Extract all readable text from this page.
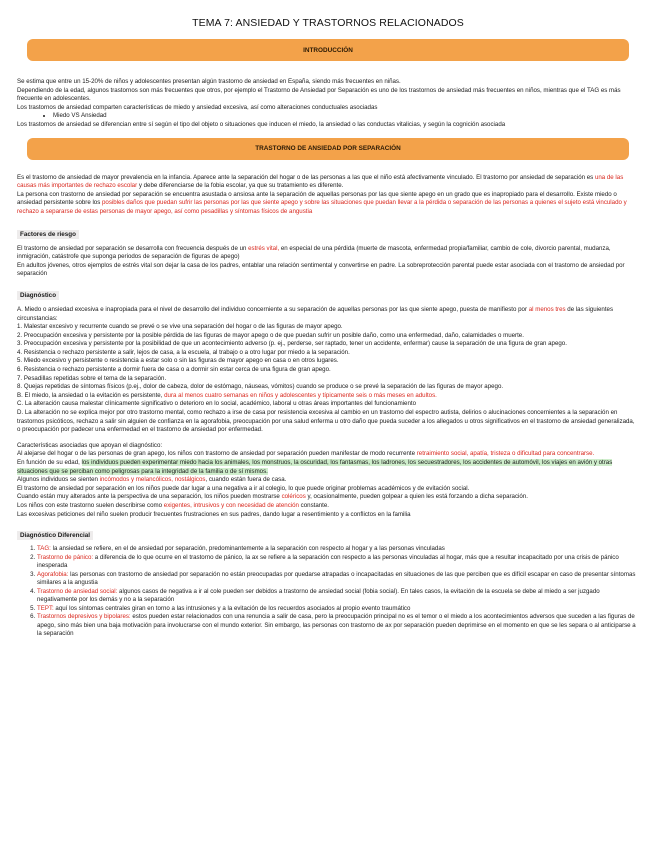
TEMA 7: ANSIEDAD Y TRASTORNOS RELACIONADOS
INTRODUCCIÓN

Se estima que entre un 15-20% de niños y adolescentes presentan algún trastorno de ansiedad en España, siendo más frecuentes en niñas.

Dependiendo de la edad, algunos trastornos son más frecuentes que otros, por ejemplo el Trastorno de Ansiedad por Separación es uno de los trastornos de ansiedad más frecuentes en niños, mientras que el TAG es más frecuente en adolescentes.

Los trastornos de ansiedad comparten características de miedo y ansiedad excesiva, así como alteraciones conductuales asociadas

• Miedo VS Ansiedad

Los trastornos de ansiedad se diferencian entre sí según el tipo del objeto o situaciones que inducen el miedo, la ansiedad o las conductas vitalicias, y según la cognición asociada

TRASTORNO DE ANSIEDAD POR SEPARACIÓN

Es el trastorno de ansiedad de mayor prevalencia en la infancia. Aparece ante la separación del hogar o de las personas a las que el niño está afectivamente vinculado. El trastorno por ansiedad de separación es una de las causas más importantes de rechazo escolar y debe diferenciarse de la fobia escolar, ya que su tratamiento es diferente.

La persona con trastorno de ansiedad por separación se encuentra asustada o ansiosa ante la separación de aquellas personas por las que siente apego en un grado que es inapropiado para el desarrollo. Existe miedo o ansiedad persistente sobre los posibles daños que puedan sufrir las personas por las que siente apego y sobre las situaciones que puedan llevar a la pérdida o separación de las personas a quienes el sujeto está vinculado y rechazo a separarse de estas personas de mayor apego, así como pesadillas y síntomas físicos de angustia

Factores de riesgo

El trastorno de ansiedad por separación se desarrolla con frecuencia después de un estrés vital, en especial de una pérdida (muerte de mascota, enfermedad propia/familiar, cambio de cole, divorcio parental, mudanza, inmigración, catástrofe que suponga periodos de separación de figuras de apego)

En adultos jóvenes, otros ejemplos de estrés vital son dejar la casa de los padres, entablar una relación sentimental y convertirse en padre. La sobreprotección parental puede estar asociada con el trastorno de ansiedad por separación

Diagnóstico

A. Miedo o ansiedad excesiva e inapropiada para el nivel de desarrollo del individuo concerniente a su separación de aquellas personas por las que siente apego, puesta de manifiesto por al menos tres de las siguientes circunstancias:

1. Malestar excesivo y recurrente cuando se prevé o se vive una separación del hogar o de las figuras de mayor apego.

2. Preocupación excesiva y persistente por la posible pérdida de las figuras de mayor apego o de que puedan sufrir un posible daño, como una enfermedad, daño, calamidades o muerte.

3. Preocupación excesiva y persistente por la posibilidad de que un acontecimiento adverso (p. ej., perderse, ser raptado, tener un accidente, enfermar) cause la separación de una figura de gran apego.

4. Resistencia o rechazo persistente a salir, lejos de casa, a la escuela, al trabajo o a otro lugar por miedo a la separación.

5. Miedo excesivo y persistente o resistencia a estar solo o sin las figuras de mayor apego en casa o en otros lugares.

6. Resistencia o rechazo persistente a dormir fuera de casa o a dormir sin estar cerca de una figura de gran apego.

7. Pesadillas repetidas sobre el tema de la separación.

8. Quejas repetidas de síntomas físicos (p.ej., dolor de cabeza, dolor de estómago, náuseas, vómitos) cuando se produce o se prevé la separación de las figuras de mayor apego.

B. El miedo, la ansiedad o la evitación es persistente, dura al menos cuatro semanas en niños y adolescentes y típicamente seis o más meses en adultos.

C. La alteración causa malestar clínicamente significativo o deterioro en lo social, académico, laboral u otras áreas importantes del funcionamiento

D. La alteración no se explica mejor por otro trastorno mental, como rechazo a irse de casa por resistencia excesiva al cambio en un trastorno del espectro autista, delirios o alucinaciones concernientes a la separación en trastornos psicóticos, rechazo a salir sin alguien de confianza en la agorafobia, preocupación por una salud enferma u otro daño que pueda suceder a los allegados u otros significativos en el trastorno de ansiedad generalizada, o preocupación por padecer una enfermedad en el trastorno de ansiedad por enfermedad.

Características asociadas que apoyan el diagnóstico:

Al alejarse del hogar o de las personas de gran apego, los niños con trastorno de ansiedad por separación pueden manifestar de modo recurrente retraimiento social, apatía, tristeza o dificultad para concentrarse.

En función de su edad, los individuos pueden experimentar miedo hacia los animales, los monstruos, la oscuridad, los fantasmas, los ladrones, los secuestradores, los accidentes de automóvil, los viajes en avión y otras situaciones que se perciban como peligrosas para la integridad de la familia o de sí mismos.

Algunos individuos se sienten incómodos y melancólicos, nostálgicos, cuando están fuera de casa.

El trastorno de ansiedad por separación en los niños puede dar lugar a una negativa a ir al colegio, lo que puede originar problemas académicos y de evitación social.

Cuando están muy alterados ante la perspectiva de una separación, los niños pueden mostrarse coléricos y, ocasionalmente, pueden golpear a quien les está forzando a dicha separación.

Los niños con este trastorno suelen describirse como exigentes, intrusivos y con necesidad de atención constante.

Las excesivas peticiones del niño suelen producir frecuentes frustraciones en sus padres, dando lugar a resentimiento y a conflictos en la familia

Diagnóstico Diferencial
1. TAG: la ansiedad se refiere, en el de ansiedad por separación, predominantemente a la separación con respecto al hogar y a las personas vinculadas
2. Trastorno de pánico: a diferencia de lo que ocurre en el trastorno de pánico, la ax se refiere a la separación con respecto a las personas vinculadas al hogar, más que a resultar incapacitado por una crisis de pánico inesperada
3. Agorafobia: las personas con trastorno de ansiedad por separación no están preocupadas por quedarse atrapadas o incapacitadas en situaciones de las que perciben que es difícil escapar en caso de presentar síntomas similares a la angustia
4. Trastorno de ansiedad social: algunos casos de negativa a ir al cole pueden ser debidos a trastorno de ansiedad social (fobia social). En tales casos, la evitación de la escuela se debe al miedo a ser juzgado negativamente por los demás y no a la separación
5. TEPT: aquí los síntomas centrales giran en torno a las intrusiones y a la evitación de los recuerdos asociados al propio evento traumático
6. Trastornos depresivos y bipolares: estos pueden estar relacionados con una renuncia a salir de casa, pero la preocupación principal no es el temor o el miedo a los acontecimientos adversos que suceden a las figuras de apego, sino más bien una baja motivación para involucrarse con el mundo exterior. Sin embargo, las personas con trastorno de ax por separación pueden deprimirse en el momento en que se les separa o al anticiparse a la separación
